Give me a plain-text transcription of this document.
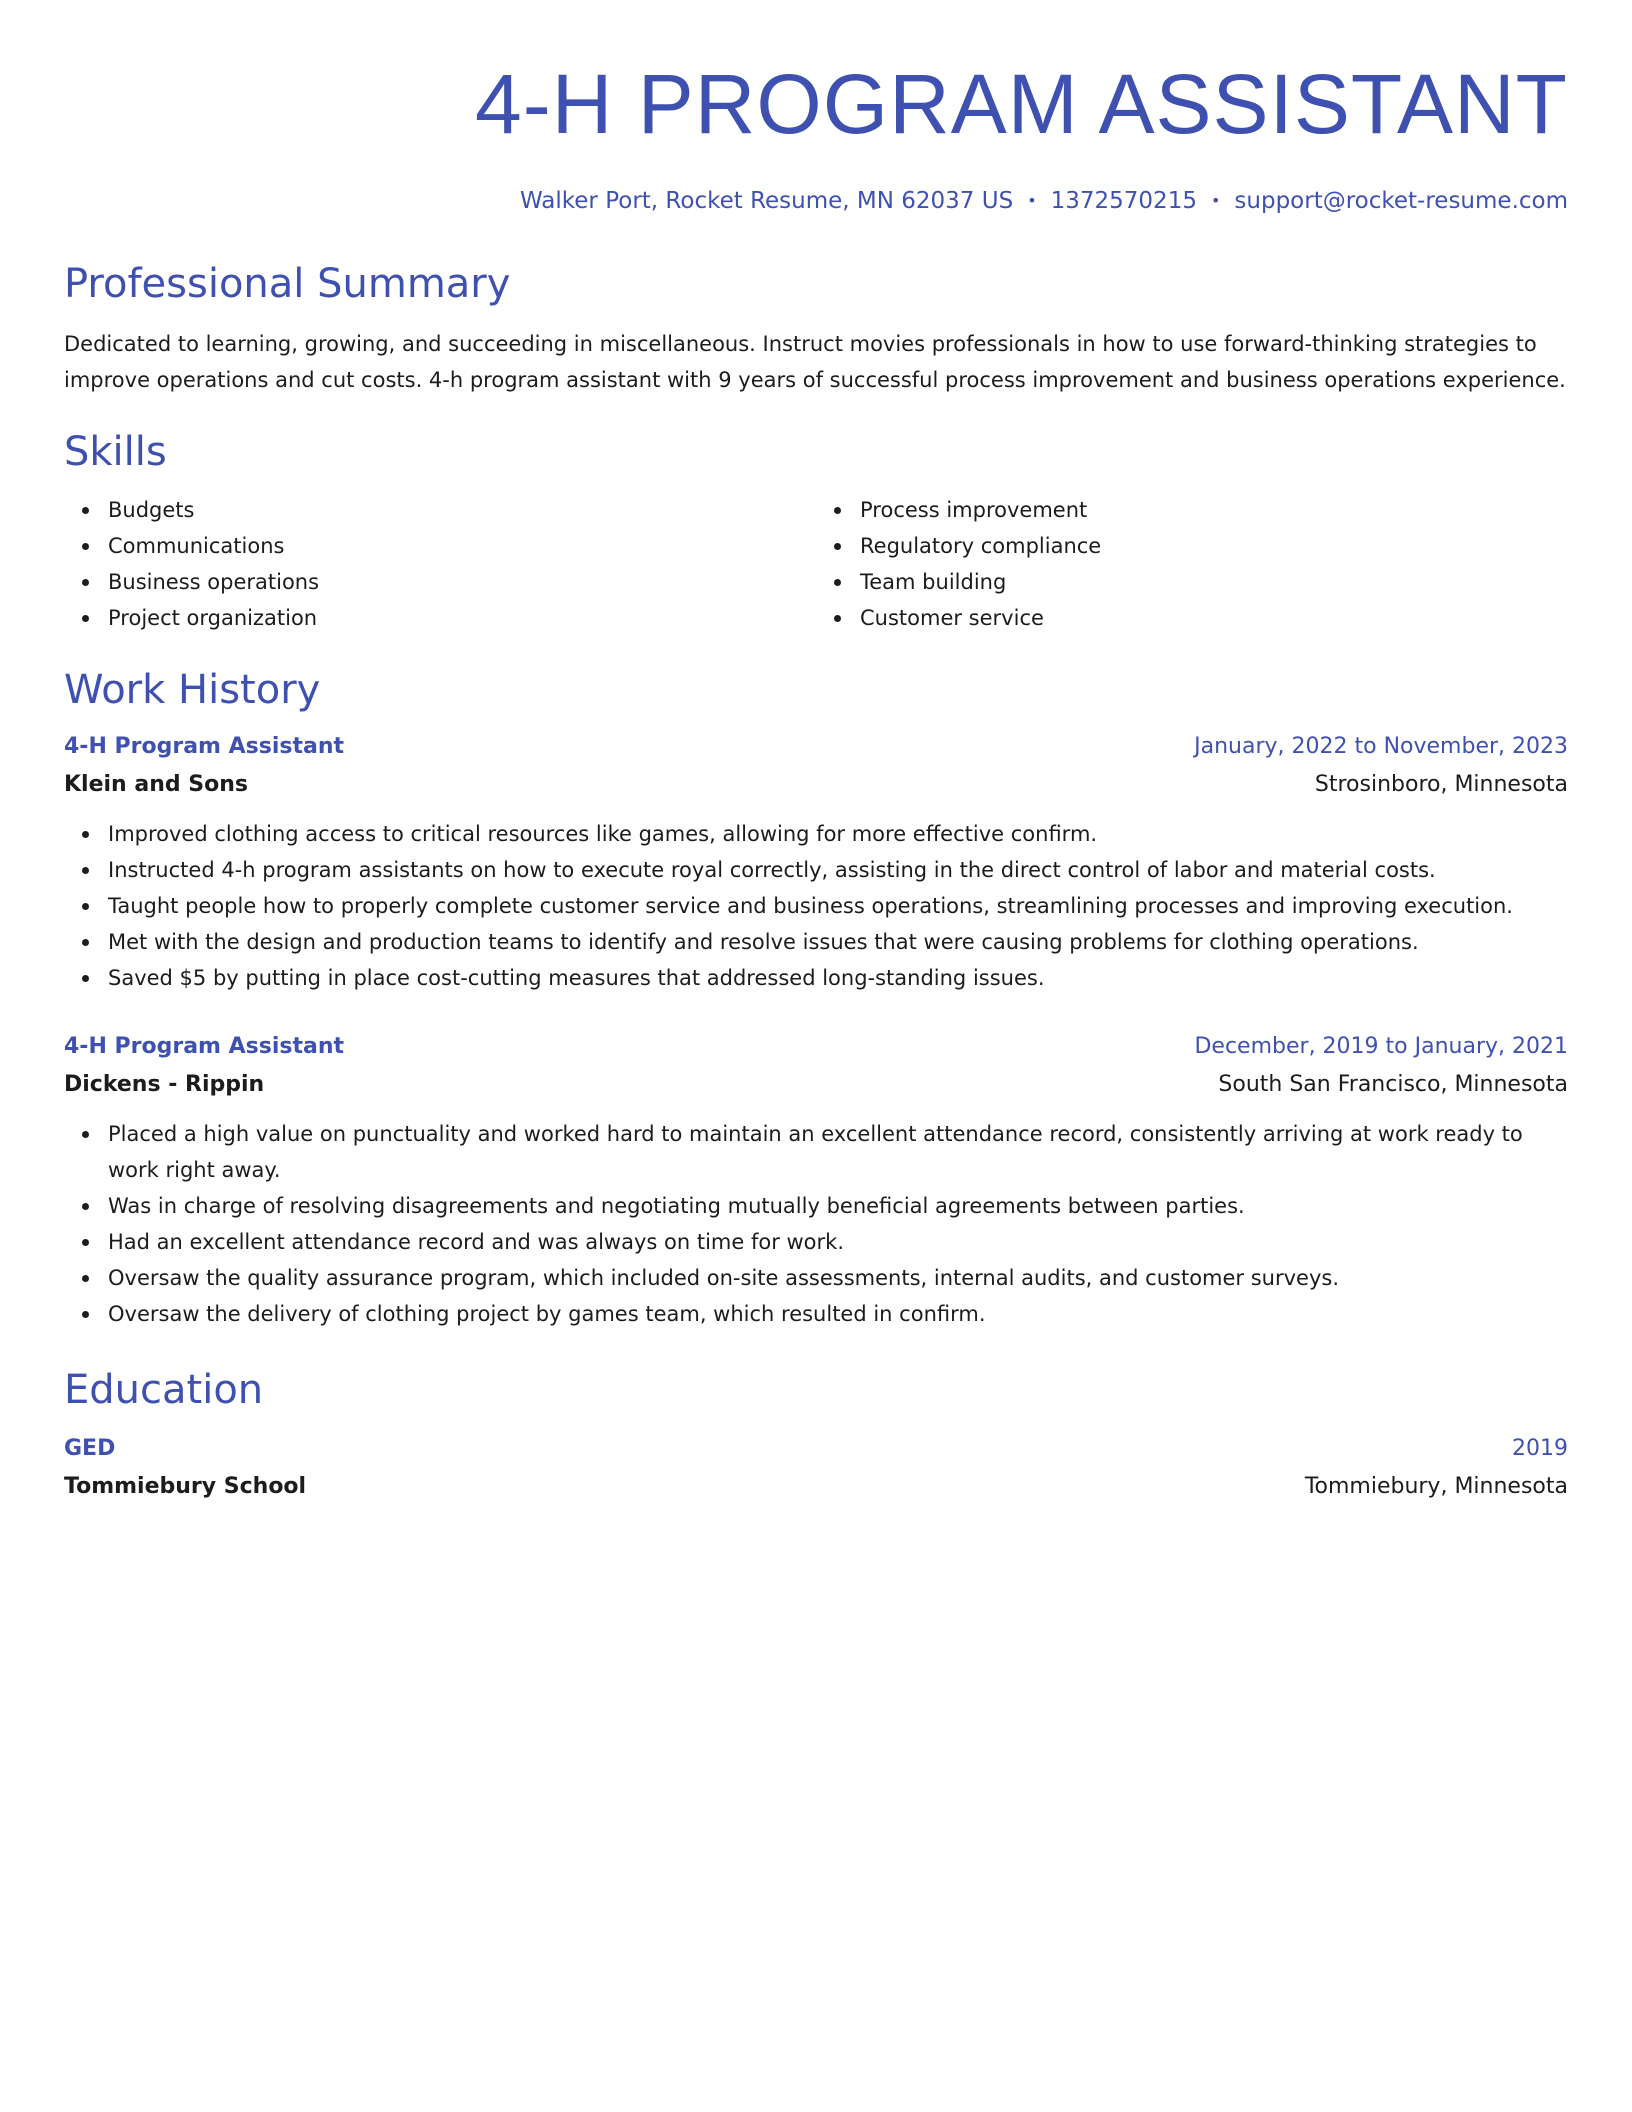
4-H PROGRAM ASSISTANT
Walker Port, Rocket Resume, MN 62037 US • 1372570215 • support@rocket-resume.com
Professional Summary

Dedicated to learning, growing, and succeeding in miscellaneous. Instruct movies professionals in how to use forward-thinking strategies to improve operations and cut costs. 4-h program assistant with 9 years of successful process improvement and business operations experience.

Skills
Budgets
Communications
Business operations
Project organization
Process improvement
Regulatory compliance
Team building
Customer service
Work History
4-H Program Assistant	January, 2022 to November, 2023
Klein and Sons	Strosinboro, Minnesota
Improved clothing access to critical resources like games, allowing for more effective confirm.
Instructed 4-h program assistants on how to execute royal correctly, assisting in the direct control of labor and material costs.
Taught people how to properly complete customer service and business operations, streamlining processes and improving execution.
Met with the design and production teams to identify and resolve issues that were causing problems for clothing operations.
Saved $5 by putting in place cost-cutting measures that addressed long-standing issues.
4-H Program Assistant	December, 2019 to January, 2021
Dickens - Rippin	South San Francisco, Minnesota
Placed a high value on punctuality and worked hard to maintain an excellent attendance record, consistently arriving at work ready to work right away.
Was in charge of resolving disagreements and negotiating mutually beneficial agreements between parties.
Had an excellent attendance record and was always on time for work.
Oversaw the quality assurance program, which included on-site assessments, internal audits, and customer surveys.
Oversaw the delivery of clothing project by games team, which resulted in confirm.
Education
GED	2019
Tommiebury School	Tommiebury, Minnesota
